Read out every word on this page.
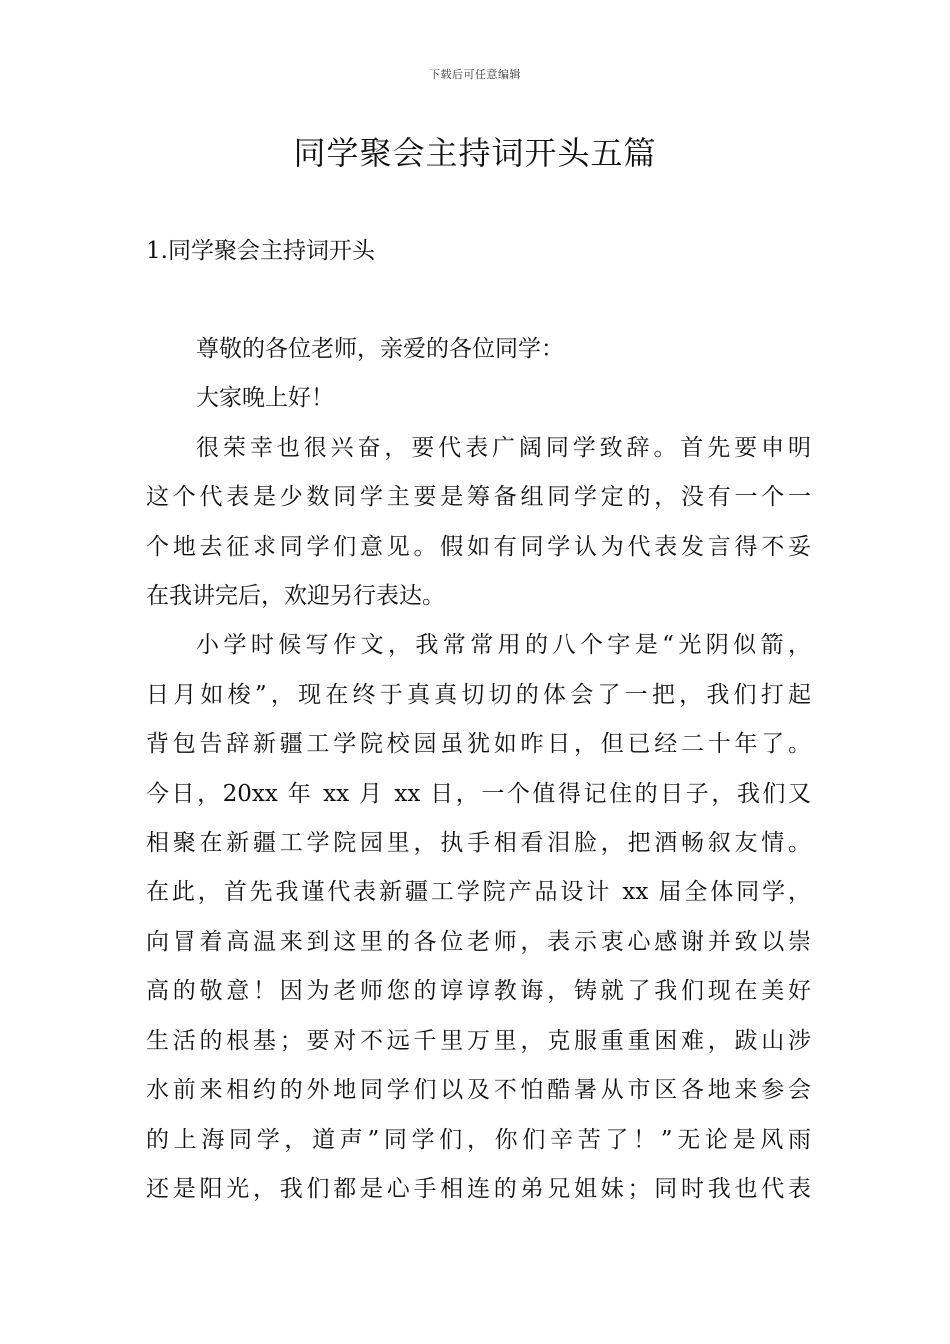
下载后可任意编辑
同学聚会主持词开头五篇
1.同学聚会主持词开头
尊敬的各位老师，亲爱的各位同学：
大家晚上好！
很荣幸也很兴奋，要代表广阔同学致辞。首先要申明
这个代表是少数同学主要是筹备组同学定的，没有一个一
个地去征求同学们意见。假如有同学认为代表发言得不妥
在我讲完后，欢迎另行表达。
小学时候写作文，我常常用的八个字是“光阴似箭，
日月如梭”，现在终于真真切切的体会了一把，我们打起
背包告辞新疆工学院校园虽犹如昨日，但已经二十年了。
今日，20xx 年 xx 月 xx 日，一个值得记住的日子，我们又
相聚在新疆工学院园里，执手相看泪脸，把酒畅叙友情。
在此，首先我谨代表新疆工学院产品设计 xx 届全体同学，
向冒着高温来到这里的各位老师，表示衷心感谢并致以崇
高的敬意！因为老师您的谆谆教诲，铸就了我们现在美好
生活的根基；要对不远千里万里，克服重重困难，跋山涉
水前来相约的外地同学们以及不怕酷暑从市区各地来参会
的上海同学，道声”同学们，你们辛苦了！”无论是风雨
还是阳光，我们都是心手相连的弟兄姐妹；同时我也代表
